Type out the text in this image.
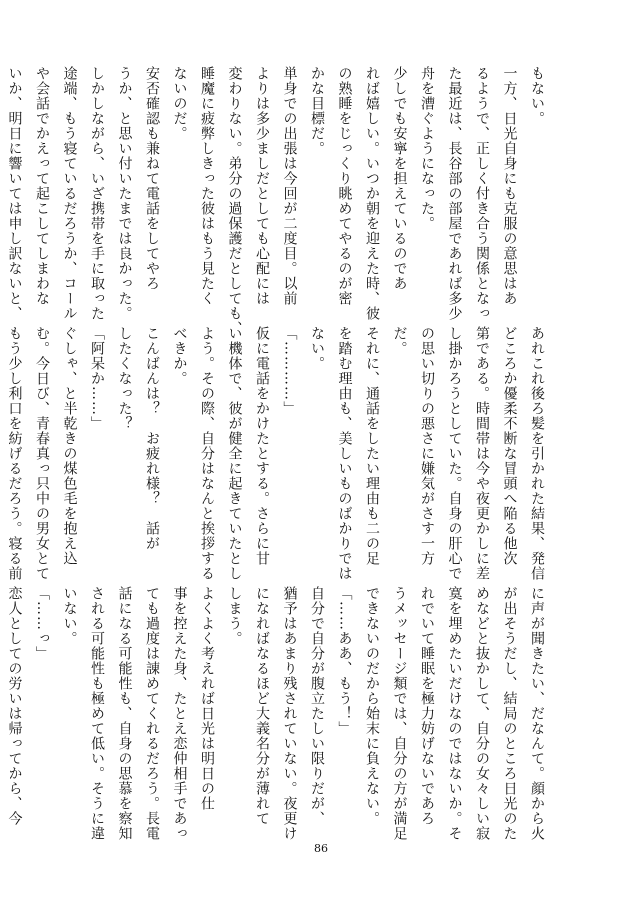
もない。
一方、日光自身にも克服の意思はあ
るようで、正しく付き合う関係となっ
た最近は、長谷部の部屋であれば多少
舟を漕ぐようになった。
少しでも安寧を担えているのであ
れば嬉しい。いつか朝を迎えた時、彼
の熟睡をじっくり眺めてやるのが密
かな目標だ。
単身での出張は今回が二度目。以前
よりは多少ましだとしても心配には
変わりない。弟分の過保護だとしても、
睡魔に疲弊しきった彼はもう見たく
ないのだ。
安否確認も兼ねて電話をしてやろ
うか、と思い付いたまでは良かった。
しかしながら、いざ携帯を手に取った
途端、もう寝ているだろうか、コール
や会話でかえって起こしてしまわな
いか、明日に響いては申し訳ないと、
あれこれ後ろ髪を引かれた結果、発信
どころか優柔不断な冒頭へ陥る他次
第である。時間帯は今や夜更かしに差
し掛かろうとしていた。自身の肝心で
の思い切りの悪さに嫌気がさす一方
だ。
それに、通話をしたい理由も二の足
を踏む理由も、美しいものばかりでは
ない。
「…………」
仮に電話をかけたとする。さらに甘
い機体で、彼が健全に起きていたとし
よう。その際、自分はなんと挨拶する
べきか。
こんばんは？　お疲れ様？　話が
したくなった？
「阿呆か……」
ぐしゃ、と半乾きの煤色毛を抱え込
む。今日び、青春真っ只中の男女とて
もう少し利口を紡げるだろう。寝る前
に声が聞きたい、だなんて。顔から火
が出そうだし、結局のところ日光のた
めなどと抜かして、自分の女々しい寂
寞を埋めたいだけなのではないか。そ
れでいて睡眠を極力妨げないであろ
うメッセージ類では、自分の方が満足
できないのだから始末に負えない。
「……ああ、もう！」
自分で自分が腹立たしい限りだが、
猶予はあまり残されていない。夜更け
になればなるほど大義名分が薄れて
しまう。
よくよく考えれば日光は明日の仕
事を控えた身、たとえ恋仲相手であっ
ても過度は諌めてくれるだろう。長電
話になる可能性も、自身の思慕を察知
される可能性も極めて低い。そうに違
いない。
「……っ」
恋人としての労いは帰ってから、今
86
